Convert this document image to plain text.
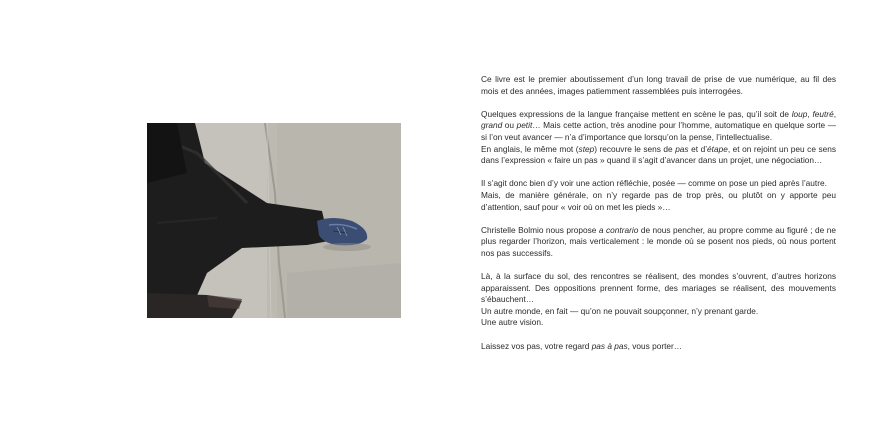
Ce livre est le premier aboutissement d’un long travail de prise de vue numérique, au fil des mois et des années, images patiemment rassemblées puis interrogées.

Quelques expressions de la langue française mettent en scène le pas, qu’il soit de loup, feutré, grand ou petit… Mais cette action, très anodine pour l’homme, automatique en quelque sorte — si l’on veut avancer — n’a d’importance que lorsqu’on la pense, l’intellectualise.
En anglais, le même mot (step) recouvre le sens de pas et d’étape, et on rejoint un peu ce sens dans l’expression « faire un pas » quand il s’agit d’avancer dans un projet, une négociation…

Il s’agit donc bien d’y voir une action réfléchie, posée — comme on pose un pied après l’autre.
Mais, de manière générale, on n’y regarde pas de trop près, ou plutôt on y apporte peu d’attention, sauf pour « voir où on met les pieds »…

Christelle Bolmio nous propose a contrario de nous pencher, au propre comme au figuré ; de ne plus regarder l’horizon, mais verticalement : le monde où se posent nos pieds, où nous portent nos pas successifs.

Là, à la surface du sol, des rencontres se réalisent, des mondes s’ouvrent, d’autres horizons apparaissent. Des oppositions prennent forme, des mariages se réalisent, des mouvements s’ébauchent…
Un autre monde, en fait — qu’on ne pouvait soupçonner, n’y prenant garde.
Une autre vision.

Laissez vos pas, votre regard pas à pas, vous porter…
